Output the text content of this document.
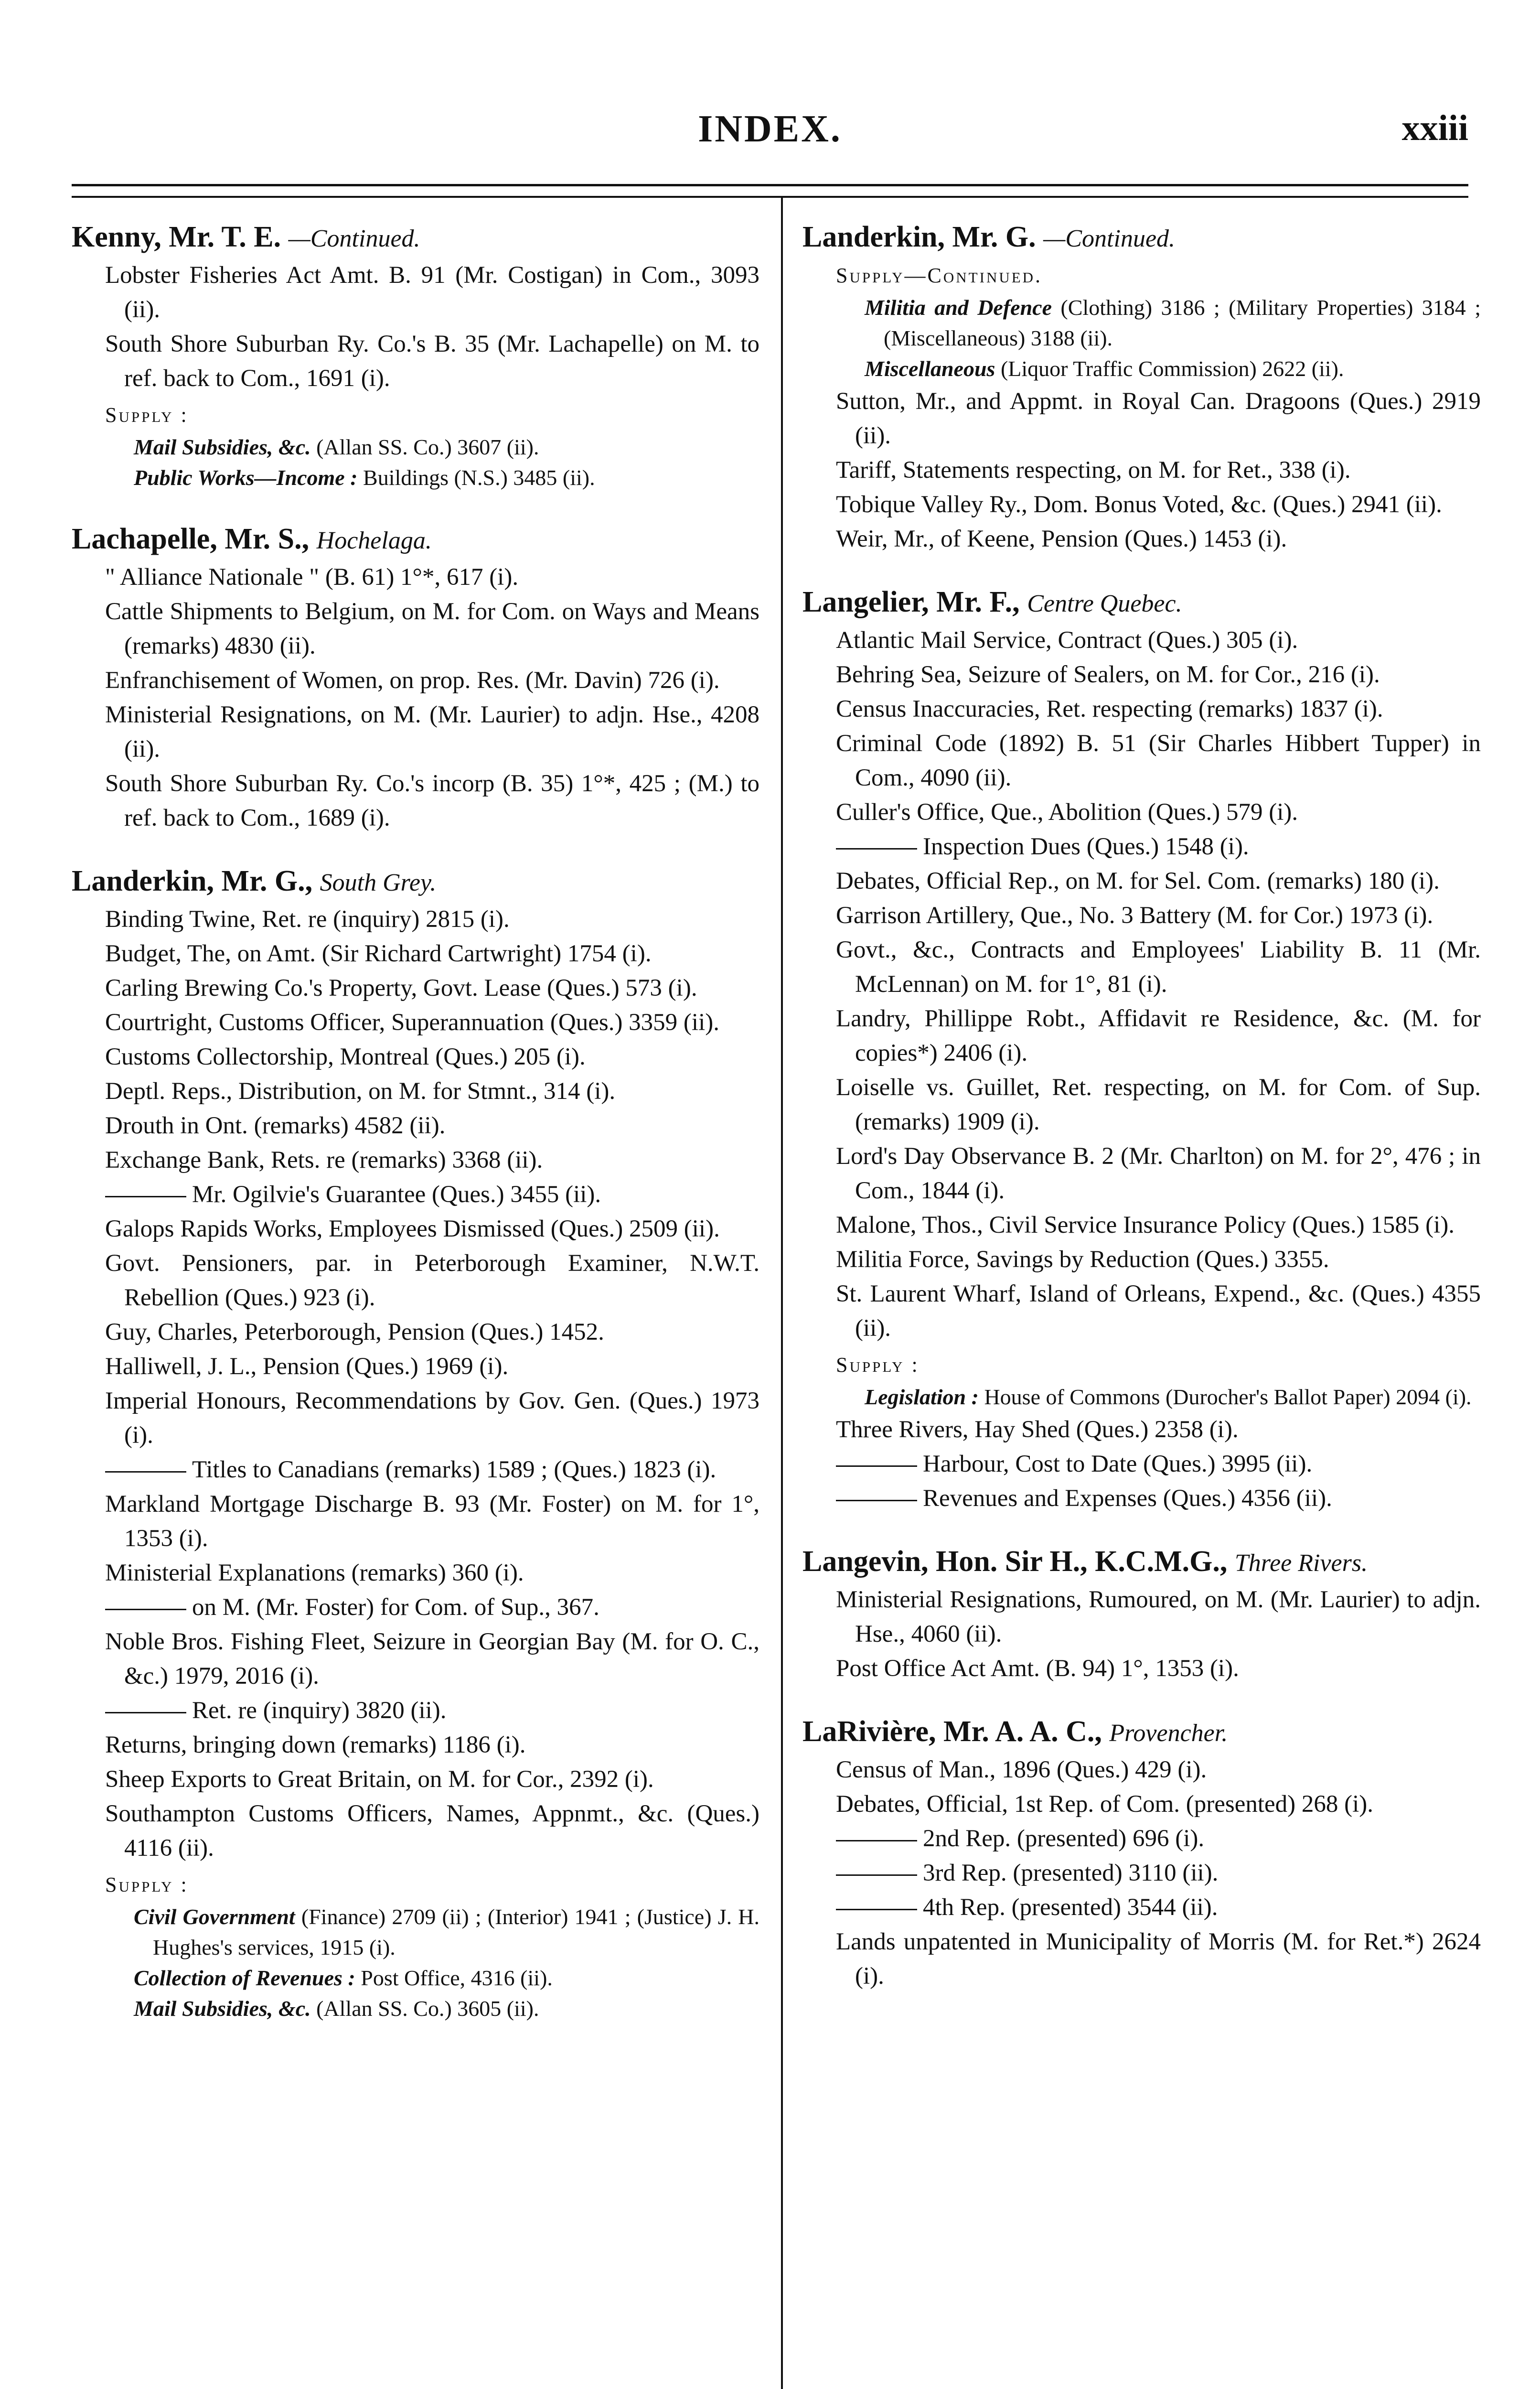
INDEX.	xxiii

Kenny, Mr. T. E. —Continued.

Lobster Fisheries Act Amt. B. 91 (Mr. Costigan) in Com., 3093 (ii).

South Shore Suburban Ry. Co.'s B. 35 (Mr. Lachapelle) on M. to ref. back to Com., 1691 (i).

Supply :

Mail Subsidies, &c. (Allan SS. Co.) 3607 (ii).

Public Works—Income : Buildings (N.S.) 3485 (ii).

Lachapelle, Mr. S., Hochelaga.

" Alliance Nationale " (B. 61) 1°*, 617 (i).

Cattle Shipments to Belgium, on M. for Com. on Ways and Means (remarks) 4830 (ii).

Enfranchisement of Women, on prop. Res. (Mr. Davin) 726 (i).

Ministerial Resignations, on M. (Mr. Laurier) to adjn. Hse., 4208 (ii).

South Shore Suburban Ry. Co.'s incorp (B. 35) 1°*, 425 ; (M.) to ref. back to Com., 1689 (i).

Landerkin, Mr. G., South Grey.

Binding Twine, Ret. re (inquiry) 2815 (i).

Budget, The, on Amt. (Sir Richard Cartwright) 1754 (i).

Carling Brewing Co.'s Property, Govt. Lease (Ques.) 573 (i).

Courtright, Customs Officer, Superannuation (Ques.) 3359 (ii).

Customs Collectorship, Montreal (Ques.) 205 (i).

Deptl. Reps., Distribution, on M. for Stmnt., 314 (i).

Drouth in Ont. (remarks) 4582 (ii).

Exchange Bank, Rets. re (remarks) 3368 (ii).

Mr. Ogilvie's Guarantee (Ques.) 3455 (ii).

Galops Rapids Works, Employees Dismissed (Ques.) 2509 (ii).

Govt. Pensioners, par. in Peterborough Examiner, N.W.T. Rebellion (Ques.) 923 (i).

Guy, Charles, Peterborough, Pension (Ques.) 1452.

Halliwell, J. L., Pension (Ques.) 1969 (i).

Imperial Honours, Recommendations by Gov. Gen. (Ques.) 1973 (i).

Titles to Canadians (remarks) 1589 ; (Ques.) 1823 (i).

Markland Mortgage Discharge B. 93 (Mr. Foster) on M. for 1°, 1353 (i).

Ministerial Explanations (remarks) 360 (i).

on M. (Mr. Foster) for Com. of Sup., 367.

Noble Bros. Fishing Fleet, Seizure in Georgian Bay (M. for O. C., &c.) 1979, 2016 (i).

Ret. re (inquiry) 3820 (ii).

Returns, bringing down (remarks) 1186 (i).

Sheep Exports to Great Britain, on M. for Cor., 2392 (i).

Southampton Customs Officers, Names, Appnmt., &c. (Ques.) 4116 (ii).

Supply :

Civil Government (Finance) 2709 (ii) ; (Interior) 1941 ; (Justice) J. H. Hughes's services, 1915 (i).

Collection of Revenues : Post Office, 4316 (ii).

Mail Subsidies, &c. (Allan SS. Co.) 3605 (ii).

Landerkin, Mr. G. —Continued.

Supply—Continued.

Militia and Defence (Clothing) 3186 ; (Military Properties) 3184 ; (Miscellaneous) 3188 (ii).

Miscellaneous (Liquor Traffic Commission) 2622 (ii).

Sutton, Mr., and Appmt. in Royal Can. Dragoons (Ques.) 2919 (ii).

Tariff, Statements respecting, on M. for Ret., 338 (i).

Tobique Valley Ry., Dom. Bonus Voted, &c. (Ques.) 2941 (ii).

Weir, Mr., of Keene, Pension (Ques.) 1453 (i).

Langelier, Mr. F., Centre Quebec.

Atlantic Mail Service, Contract (Ques.) 305 (i).

Behring Sea, Seizure of Sealers, on M. for Cor., 216 (i).

Census Inaccuracies, Ret. respecting (remarks) 1837 (i).

Criminal Code (1892) B. 51 (Sir Charles Hibbert Tupper) in Com., 4090 (ii).

Culler's Office, Que., Abolition (Ques.) 579 (i).

Inspection Dues (Ques.) 1548 (i).

Debates, Official Rep., on M. for Sel. Com. (remarks) 180 (i).

Garrison Artillery, Que., No. 3 Battery (M. for Cor.) 1973 (i).

Govt., &c., Contracts and Employees' Liability B. 11 (Mr. McLennan) on M. for 1°, 81 (i).

Landry, Phillippe Robt., Affidavit re Residence, &c. (M. for copies*) 2406 (i).

Loiselle vs. Guillet, Ret. respecting, on M. for Com. of Sup. (remarks) 1909 (i).

Lord's Day Observance B. 2 (Mr. Charlton) on M. for 2°, 476 ; in Com., 1844 (i).

Malone, Thos., Civil Service Insurance Policy (Ques.) 1585 (i).

Militia Force, Savings by Reduction (Ques.) 3355.

St. Laurent Wharf, Island of Orleans, Expend., &c. (Ques.) 4355 (ii).

Supply :

Legislation : House of Commons (Durocher's Ballot Paper) 2094 (i).

Three Rivers, Hay Shed (Ques.) 2358 (i).

Harbour, Cost to Date (Ques.) 3995 (ii).

Revenues and Expenses (Ques.) 4356 (ii).

Langevin, Hon. Sir H., K.C.M.G., Three Rivers.

Ministerial Resignations, Rumoured, on M. (Mr. Laurier) to adjn. Hse., 4060 (ii).

Post Office Act Amt. (B. 94) 1°, 1353 (i).

LaRivière, Mr. A. A. C., Provencher.

Census of Man., 1896 (Ques.) 429 (i).

Debates, Official, 1st Rep. of Com. (presented) 268 (i).

2nd Rep. (presented) 696 (i).

3rd Rep. (presented) 3110 (ii).

4th Rep. (presented) 3544 (ii).

Lands unpatented in Municipality of Morris (M. for Ret.*) 2624 (i).
